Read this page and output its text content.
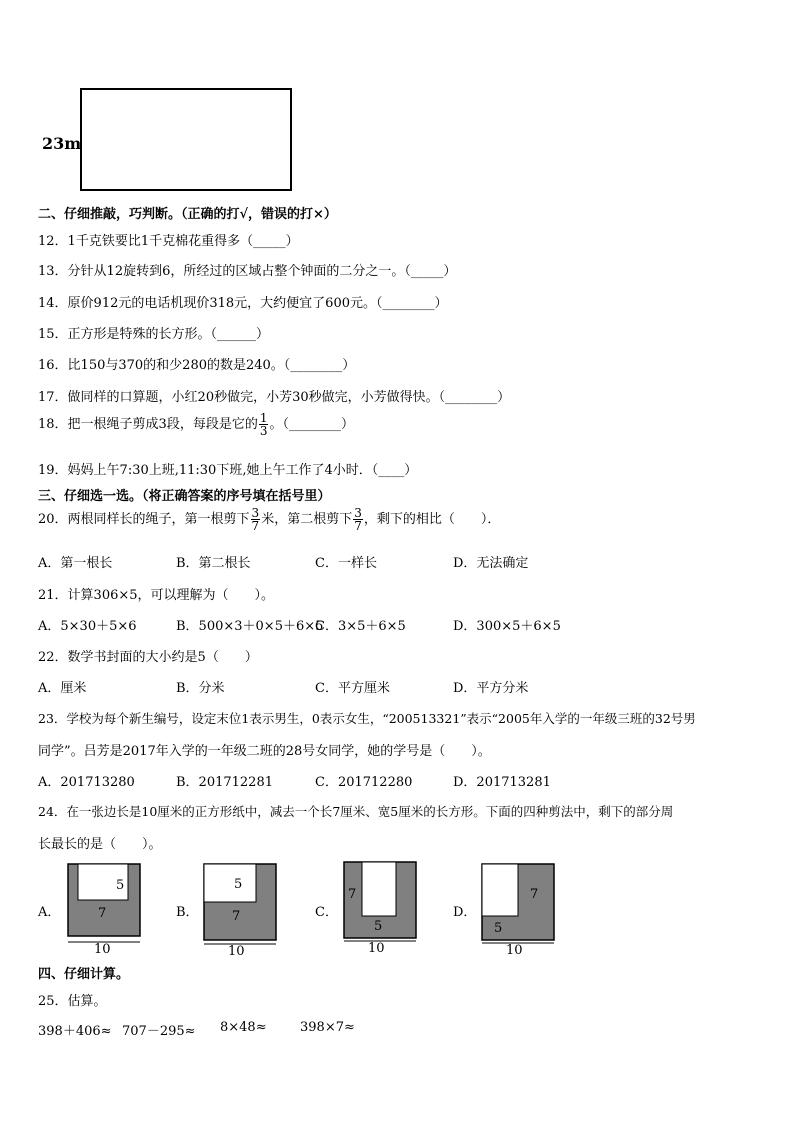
23m
二、仔细推敲，巧判断。（正确的打√，错误的打×）
12．1千克铁要比1千克棉花重得多（_____）
13．分针从12旋转到6，所经过的区域占整个钟面的二分之一。（_____）
14．原价912元的电话机现价318元，大约便宜了600元。（________）
15．正方形是特殊的长方形。（______）
16．比150与370的和少280的数是240。（________）
17．做同样的口算题，小红20秒做完，小芳30秒做完，小芳做得快。（________）
18．把一根绳子剪成3段，每段是它的 $\frac{1}{3}$ 。（________）
19．妈妈上午7:30上班,11:30下班,她上午工作了4小时．（____）
三、仔细选一选。（将正确答案的序号填在括号里）
20．两根同样长的绳子，第一根剪下 $\frac{3}{7}$ 米，第二根剪下 $\frac{3}{7}$ ，剩下的相比（　　）．
A．第一根长	B．第二根长	C．一样长	D．无法确定
21．计算306×5，可以理解为（　　）。
A．5×30＋5×6	B．500×3＋0×5＋6×5
C．3×5＋6×5	D．300×5＋6×5
22．数学书封面的大小约是5（　　）
A．厘米	B．分米	C．平方厘米	D．平方分米
23．学校为每个新生编号，设定末位1表示男生，0表示女生，“200513321”表示“2005年入学的一年级三班的32号男
同学”。吕芳是2017年入学的一年级二班的28号女同学，她的学号是（　　）。
A．201713280	B．201712281	C．201712280	D．201713281
24．在一张边长是10厘米的正方形纸中，减去一个长7厘米、宽5厘米的长方形。下面的四种剪法中，剩下的部分周
长最长的是（　　）。
A．
5
7
10
B．
5
7
10
C．
7
5
10
D．
7
5
10
四、仔细计算。
25．估算。
398＋406≈ 707－295≈ 8×48≈	398×7≈
